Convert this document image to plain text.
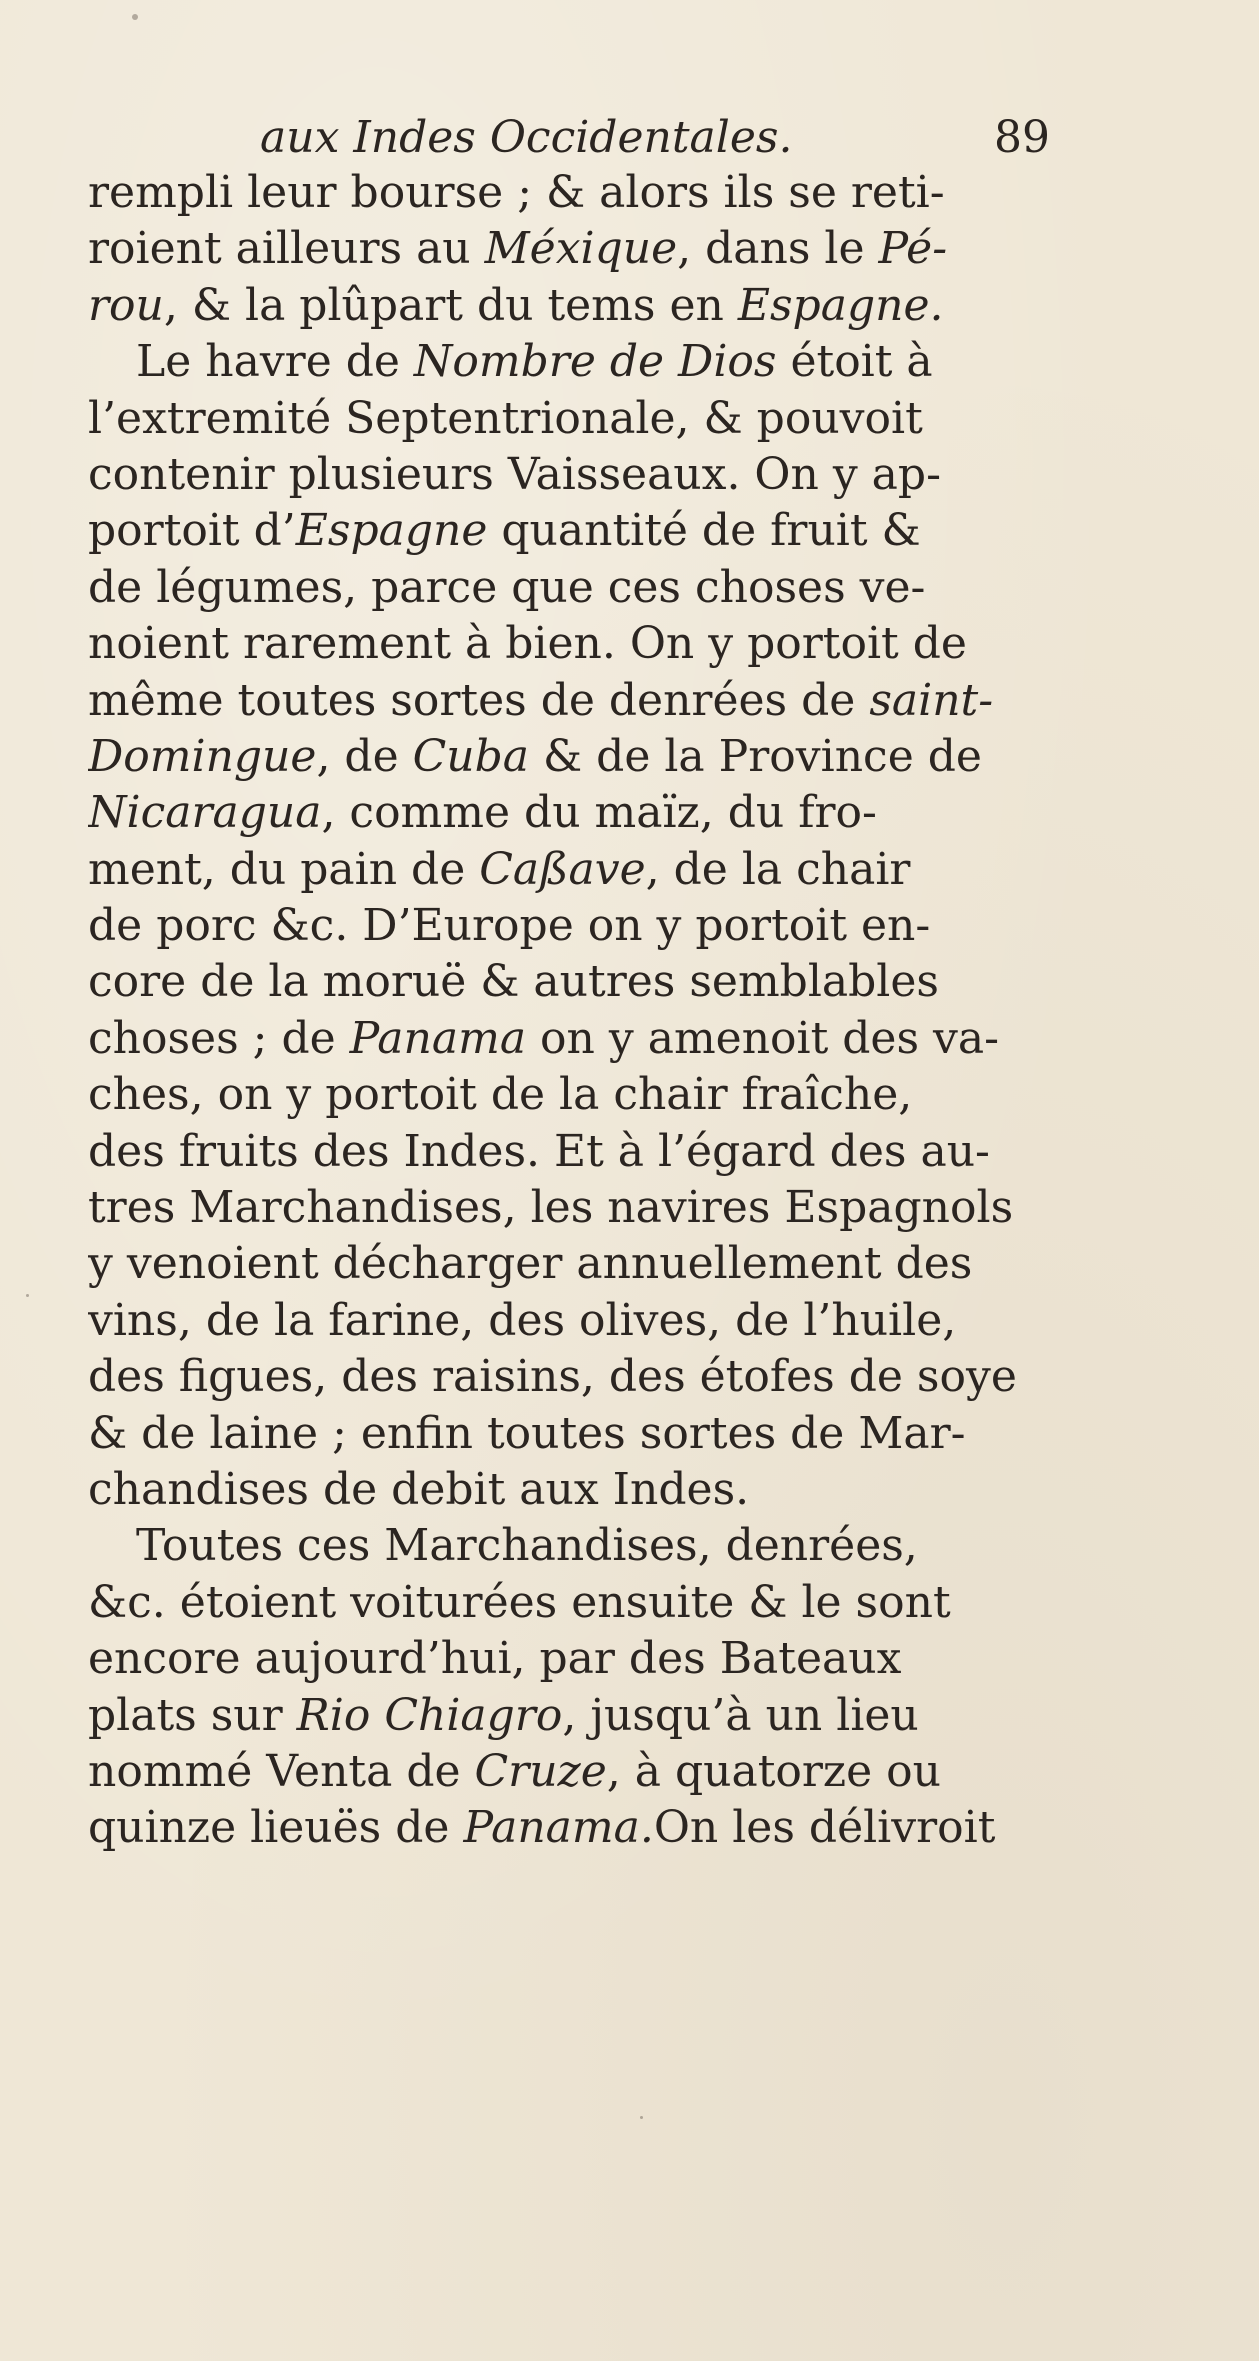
aux Indes Occidentales.	89
rempli leur bourse ; & alors ils se reti-
roient ailleurs au Méxique, dans le Pé-
rou, & la plûpart du tems en Espagne.
Le havre de Nombre de Dios étoit à
l’extremité Septentrionale, & pouvoit
contenir plusieurs Vaisseaux. On y ap-
portoit d’Espagne quantité de fruit &
de légumes, parce que ces choses ve-
noient rarement à bien. On y portoit de
même toutes sortes de denrées de saint-
Domingue, de Cuba & de la Province de
Nicaragua, comme du maïz, du fro-
ment, du pain de Caßave, de la chair
de porc &c. D’Europe on y portoit en-
core de la moruë & autres semblables
choses ; de Panama on y amenoit des va-
ches, on y portoit de la chair fraîche,
des fruits des Indes. Et à l’égard des au-
tres Marchandises, les navires Espagnols
y venoient décharger annuellement des
vins, de la farine, des olives, de l’huile,
des figues, des raisins, des étofes de soye
& de laine ; enfin toutes sortes de Mar-
chandises de debit aux Indes.
Toutes ces Marchandises, denrées,
&c. étoient voiturées ensuite & le sont
encore aujourd’hui, par des Bateaux
plats sur Rio Chiagro, jusqu’à un lieu
nommé Venta de Cruze, à quatorze ou
quinze lieuës de Panama.On les délivroit
